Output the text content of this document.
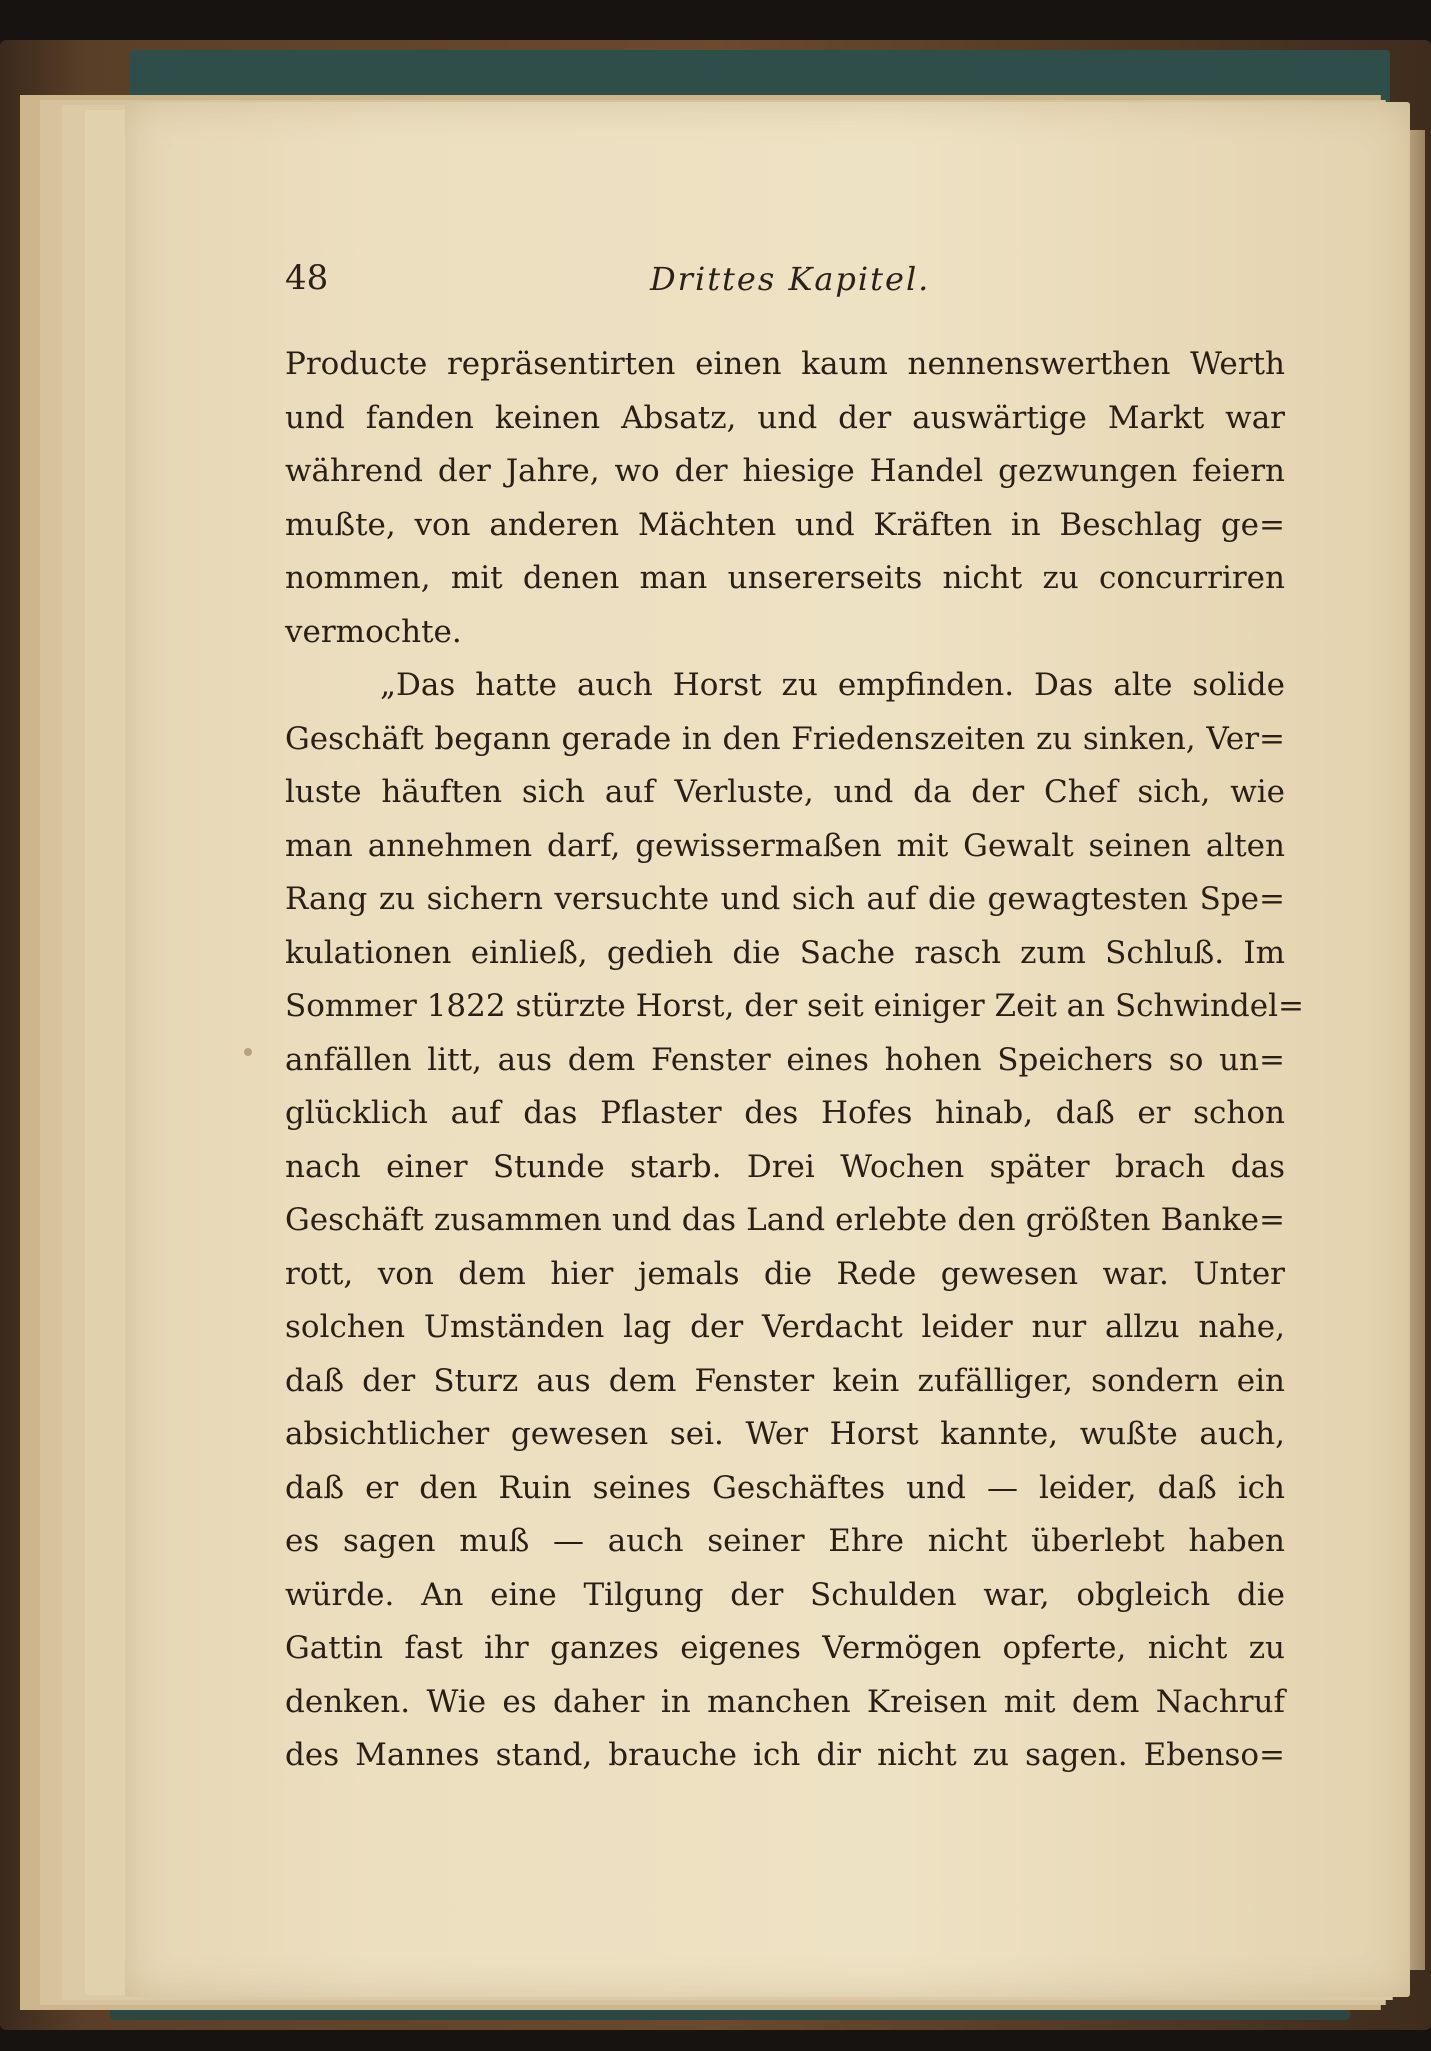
48	Drittes Kapitel.
Producte repräsentirten einen kaum nennenswerthen Werth
und fanden keinen Absatz, und der auswärtige Markt war
während der Jahre, wo der hiesige Handel gezwungen feiern
mußte, von anderen Mächten und Kräften in Beschlag ge=
nommen, mit denen man unsererseits nicht zu concurriren
vermochte.
„Das hatte auch Horst zu empfinden. Das alte solide
Geschäft begann gerade in den Friedenszeiten zu sinken, Ver=
luste häuften sich auf Verluste, und da der Chef sich, wie
man annehmen darf, gewissermaßen mit Gewalt seinen alten
Rang zu sichern versuchte und sich auf die gewagtesten Spe=
kulationen einließ, gedieh die Sache rasch zum Schluß. Im
Sommer 1822 stürzte Horst, der seit einiger Zeit an Schwindel=
anfällen litt, aus dem Fenster eines hohen Speichers so un=
glücklich auf das Pflaster des Hofes hinab, daß er schon
nach einer Stunde starb. Drei Wochen später brach das
Geschäft zusammen und das Land erlebte den größten Banke=
rott, von dem hier jemals die Rede gewesen war. Unter
solchen Umständen lag der Verdacht leider nur allzu nahe,
daß der Sturz aus dem Fenster kein zufälliger, sondern ein
absichtlicher gewesen sei. Wer Horst kannte, wußte auch,
daß er den Ruin seines Geschäftes und — leider, daß ich
es sagen muß — auch seiner Ehre nicht überlebt haben
würde. An eine Tilgung der Schulden war, obgleich die
Gattin fast ihr ganzes eigenes Vermögen opferte, nicht zu
denken. Wie es daher in manchen Kreisen mit dem Nachruf
des Mannes stand, brauche ich dir nicht zu sagen. Ebenso=
